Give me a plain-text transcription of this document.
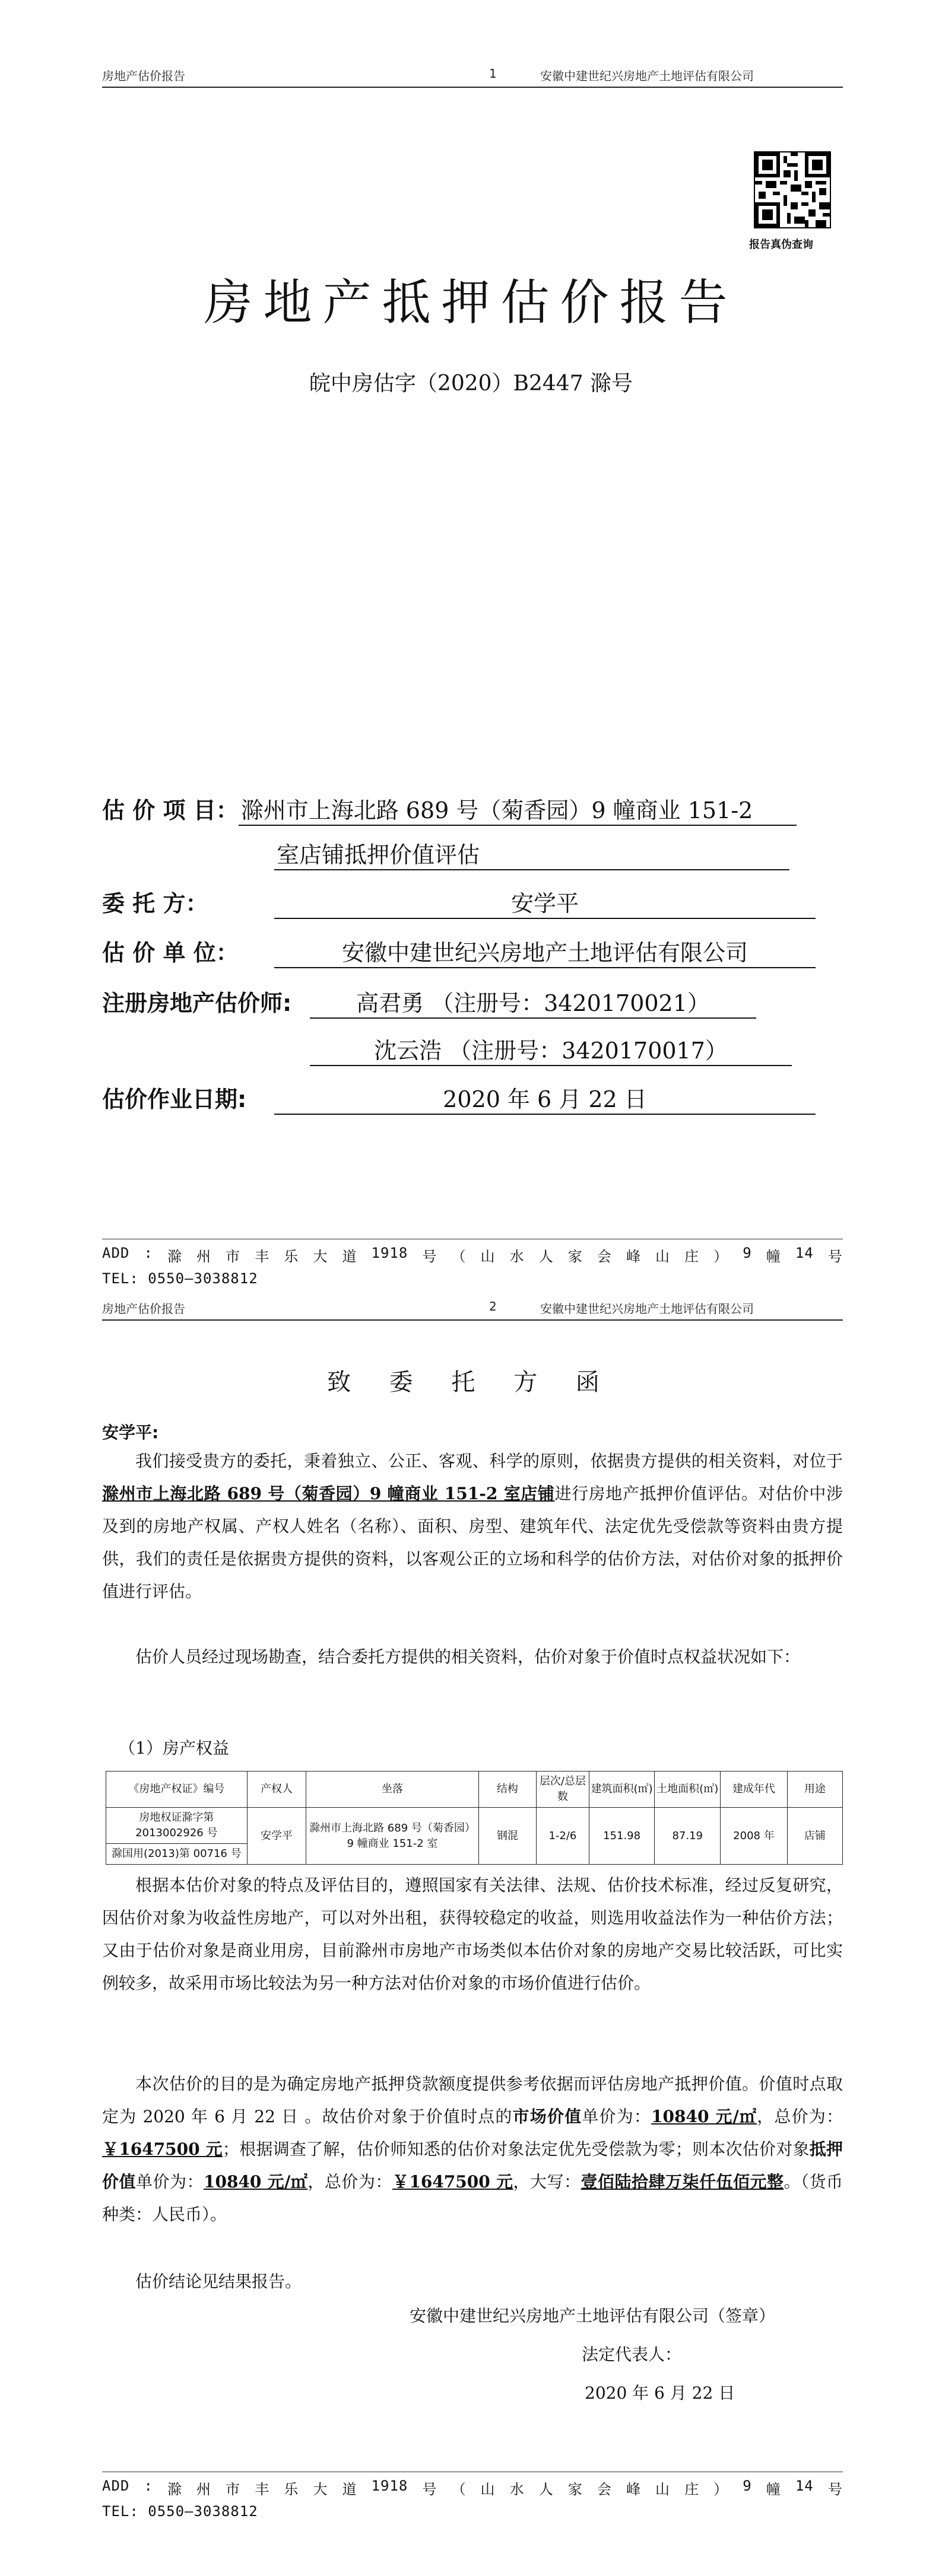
房地产估价报告	1	安徽中建世纪兴房地产土地评估有限公司
报告真伪查询
房地产抵押估价报告
皖中房估字（2020）B2447 滁号
估 价 项 目： 滁州市上海北路 689 号（菊香园）9 幢商业 151-2
室店铺抵押价值评估
委 托 方：	安学平
估 价 单 位：	安徽中建世纪兴房地产土地评估有限公司
注册房地产估价师:	高君勇 （注册号：3420170021）
沈云浩 （注册号：3420170017）
估价作业日期:	2020 年 6 月 22 日
ADD : 滁 州 市 丰 乐 大 道 1918 号 （ 山 水 人 家 会 峰 山 庄 ） 9 幢 14 号
TEL: 0550—3038812
房地产估价报告	2	安徽中建世纪兴房地产土地评估有限公司
致 委 托 方 函
安学平:

我们接受贵方的委托，秉着独立、公正、客观、科学的原则，依据贵方提供的相关资料，对位于滁州市上海北路 689 号（菊香园）9 幢商业 151-2 室店铺进行房地产抵押价值评估。对估价中涉及到的房地产权属、产权人姓名（名称）、面积、房型、建筑年代、法定优先受偿款等资料由贵方提供，我们的责任是依据贵方提供的资料，以客观公正的立场和科学的估价方法，对估价对象的抵押价值进行评估。

估价人员经过现场勘查，结合委托方提供的相关资料，估价对象于价值时点权益状况如下：

（1）房产权益
《房地产权证》编号	产权人	坐落	结构	层次/总层数	建筑面积(㎡)	土地面积(㎡)	建成年代	用途
房地权证滁字第 2013002926 号	安学平	滁州市上海北路 689 号（菊香园）9 幢商业 151-2 室	钢混	1-2/6	151.98	87.19	2008 年	店铺
滁国用(2013)第 00716 号								

根据本估价对象的特点及评估目的，遵照国家有关法律、法规、估价技术标准，经过反复研究，因估价对象为收益性房地产，可以对外出租，获得较稳定的收益，则选用收益法作为一种估价方法；又由于估价对象是商业用房，目前滁州市房地产市场类似本估价对象的房地产交易比较活跃，可比实例较多，故采用市场比较法为另一种方法对估价对象的市场价值进行估价。

本次估价的目的是为确定房地产抵押贷款额度提供参考依据而评估房地产抵押价值。价值时点取定为 2020 年 6 月 22 日 。故估价对象于价值时点的市场价值单价为：10840 元/㎡，总价为：￥1647500 元；根据调查了解，估价师知悉的估价对象法定优先受偿款为零；则本次估价对象抵押价值单价为：10840 元/㎡，总价为：￥1647500 元，大写：壹佰陆拾肆万柒仟伍佰元整。（货币种类：人民币）。

估价结论见结果报告。

安徽中建世纪兴房地产土地评估有限公司（签章）
法定代表人：
2020 年 6 月 22 日
ADD : 滁 州 市 丰 乐 大 道 1918 号 （ 山 水 人 家 会 峰 山 庄 ） 9 幢 14 号
TEL: 0550—3038812
